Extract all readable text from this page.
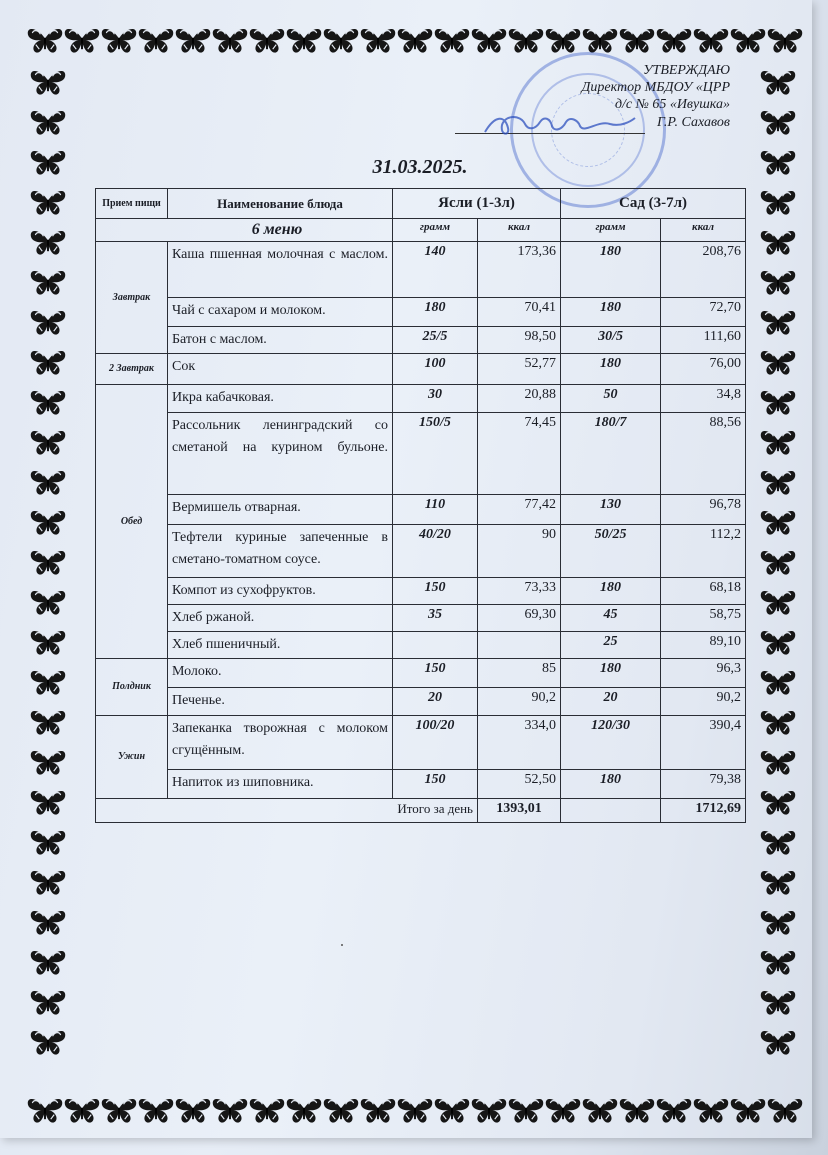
УТВЕРЖДАЮ
Директор МБДОУ «ЦРР
д/с № 65 «Ивушка»
Г.Р. Сахавов
31.03.2025.
Прием пищи	Наименование блюда	Ясли (1-3л)		Сад (3-7л)	
6 меню		грамм	ккал	грамм	ккал
Завтрак	Каша пшенная молочная с маслом.	140	173,36	180	208,76
	Чай с сахаром и молоком.	180	70,41	180	72,70
	Батон с маслом.	25/5	98,50	30/5	111,60
2 Завтрак	Сок	100	52,77	180	76,00
Обед	Икра кабачковая.	30	20,88	50	34,8
	Рассольник ленинградский со сметаной на курином бульоне.	150/5	74,45	180/7	88,56
	Вермишель отварная.	110	77,42	130	96,78
	Тефтели куриные запеченные в сметано-томатном соусе.	40/20	90	50/25	112,2
	Компот из сухофруктов.	150	73,33	180	68,18
	Хлеб ржаной.	35	69,30	45	58,75
	Хлеб пшеничный.			25	89,10
Полдник	Молоко.	150	85	180	96,3
	Печенье.	20	90,2	20	90,2
Ужин	Запеканка творожная с молоком сгущённым.	100/20	334,0	120/30	390,4
	Напиток из шиповника.	150	52,50	180	79,38
Итого за день			1393,01		1712,69
